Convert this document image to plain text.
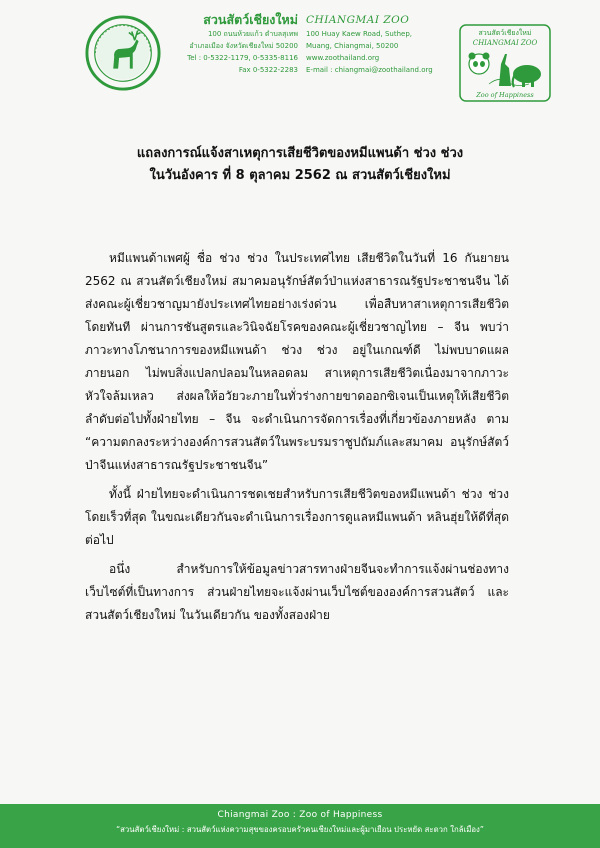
สวนสัตว์เชียงใหม่
100 ถนนห้วยแก้ว ตำบลสุเทพ
อำเภอเมือง จังหวัดเชียงใหม่ 50200
Tel : 0-5322-1179, 0-5335-8116
Fax 0-5322-2283
CHIANGMAI ZOO
100 Huay Kaew Road, Suthep,
Muang, Chiangmai, 50200
www.zoothailand.org
E-mail : chiangmai@zoothailand.org
สวนสัตว์เชียงใหม่
CHIANGMAI ZOO
Zoo of Happiness
แถลงการณ์แจ้งสาเหตุการเสียชีวิตของหมีแพนด้า ช่วง ช่วง
ในวันอังคาร ที่ 8 ตุลาคม 2562 ณ สวนสัตว์เชียงใหม่

หมีแพนด้าเพศผู้ ชื่อ ช่วง ช่วง ในประเทศไทย เสียชีวิตในวันที่ 16 กันยายน 2562 ณ สวนสัตว์เชียงใหม่ สมาคมอนุรักษ์สัตว์ป่าแห่งสาธารณรัฐประชาชนจีน ได้ส่งคณะผู้เชี่ยวชาญมายังประเทศไทยอย่างเร่งด่วน เพื่อสืบหาสาเหตุการเสียชีวิต โดยทันที ผ่านการชันสูตรและวินิจฉัยโรคของคณะผู้เชี่ยวชาญไทย – จีน พบว่า ภาวะทางโภชนาการของหมีแพนด้า ช่วง ช่วง อยู่ในเกณฑ์ดี ไม่พบบาดแผล ภายนอก ไม่พบสิ่งแปลกปลอมในหลอดลม สาเหตุการเสียชีวิตเนื่องมาจากภาวะ หัวใจล้มเหลว ส่งผลให้อวัยวะภายในทั่วร่างกายขาดออกซิเจนเป็นเหตุให้เสียชีวิต ลำดับต่อไปทั้งฝ่ายไทย – จีน จะดำเนินการจัดการเรื่องที่เกี่ยวข้องภายหลัง ตาม “ความตกลงระหว่างองค์การสวนสัตว์ในพระบรมราชูปถัมภ์และสมาคม อนุรักษ์สัตว์ป่าจีนแห่งสาธารณรัฐประชาชนจีน”

ทั้งนี้ ฝ่ายไทยจะดำเนินการชดเชยสำหรับการเสียชีวิตของหมีแพนด้า ช่วง ช่วง โดยเร็วที่สุด ในขณะเดียวกันจะดำเนินการเรื่องการดูแลหมีแพนด้า หลินฮุ่ยให้ดีที่สุด ต่อไป

อนึ่ง สำหรับการให้ข้อมูลข่าวสารทางฝ่ายจีนจะทำการแจ้งผ่านช่องทาง เว็บไซต์ที่เป็นทางการ ส่วนฝ่ายไทยจะแจ้งผ่านเว็บไซต์ขององค์การสวนสัตว์ และ สวนสัตว์เชียงใหม่ ในวันเดียวกัน ของทั้งสองฝ่าย

Chiangmai Zoo : Zoo of Happiness
“สวนสัตว์เชียงใหม่ : สวนสัตว์แห่งความสุขของครอบครัวคนเชียงใหม่และผู้มาเยือน ประหยัด สะดวก ใกล้เมือง”
